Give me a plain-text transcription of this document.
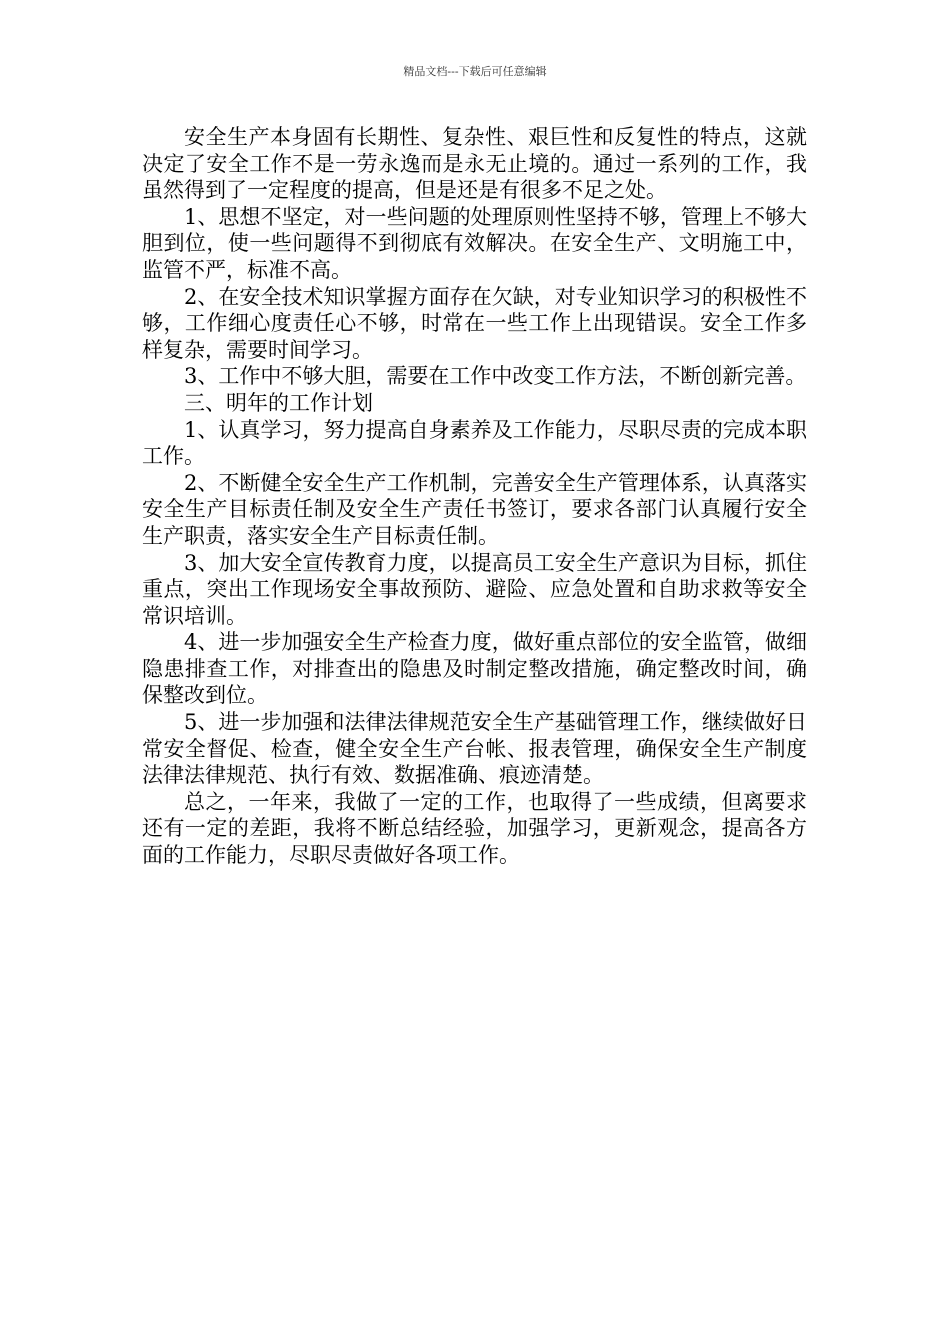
精品文档---下载后可任意编辑

安全生产本身固有长期性、复杂性、艰巨性和反复性的特点，这就决定了安全工作不是一劳永逸而是永无止境的。通过一系列的工作，我虽然得到了一定程度的提高，但是还是有很多不足之处。

1、思想不坚定，对一些问题的处理原则性坚持不够，管理上不够大胆到位，使一些问题得不到彻底有效解决。在安全生产、文明施工中，监管不严，标准不高。

2、在安全技术知识掌握方面存在欠缺，对专业知识学习的积极性不够，工作细心度责任心不够，时常在一些工作上出现错误。安全工作多样复杂，需要时间学习。

3、工作中不够大胆，需要在工作中改变工作方法，不断创新完善。

三、明年的工作计划

1、认真学习，努力提高自身素养及工作能力，尽职尽责的完成本职工作。

2、不断健全安全生产工作机制，完善安全生产管理体系，认真落实安全生产目标责任制及安全生产责任书签订，要求各部门认真履行安全生产职责，落实安全生产目标责任制。

3、加大安全宣传教育力度，以提高员工安全生产意识为目标，抓住重点，突出工作现场安全事故预防、避险、应急处置和自助求救等安全常识培训。

4、进一步加强安全生产检查力度，做好重点部位的安全监管，做细隐患排查工作，对排查出的隐患及时制定整改措施，确定整改时间，确保整改到位。

5、进一步加强和法律法律规范安全生产基础管理工作，继续做好日常安全督促、检查，健全安全生产台帐、报表管理，确保安全生产制度法律法律规范、执行有效、数据准确、痕迹清楚。

总之，一年来，我做了一定的工作，也取得了一些成绩，但离要求还有一定的差距，我将不断总结经验，加强学习，更新观念，提高各方面的工作能力，尽职尽责做好各项工作。
